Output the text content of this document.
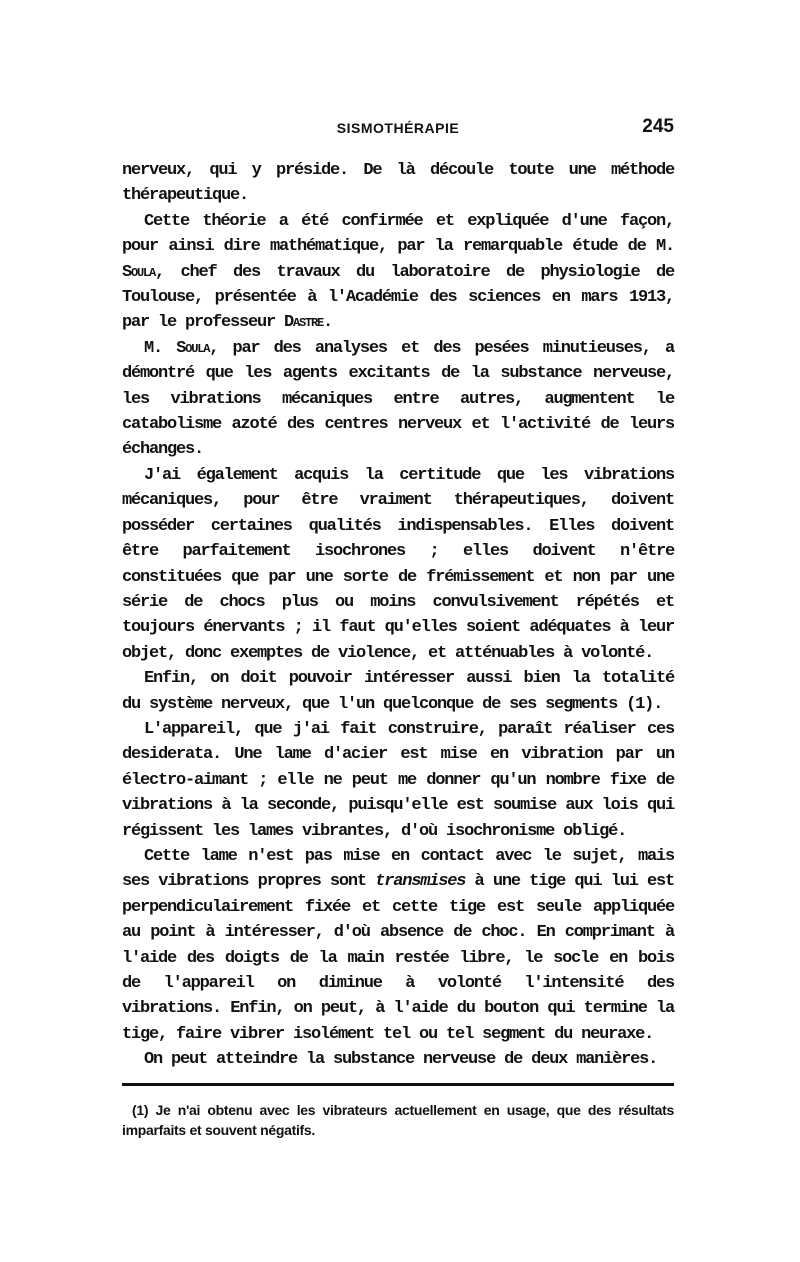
SISMOTHÉRAPIE	245

nerveux, qui y préside. De là découle toute une méthode thérapeutique.

Cette théorie a été confirmée et expliquée d'une façon, pour ainsi dire mathématique, par la remarquable étude de M. Soula, chef des travaux du laboratoire de physiologie de Toulouse, présentée à l'Académie des sciences en mars 1913, par le professeur Dastre.

M. Soula, par des analyses et des pesées minutieuses, a démontré que les agents excitants de la substance nerveuse, les vibrations mécaniques entre autres, augmentent le catabolisme azoté des centres nerveux et l'activité de leurs échanges.

J'ai également acquis la certitude que les vibrations mécaniques, pour être vraiment thérapeutiques, doivent posséder certaines qualités indispensables. Elles doivent être parfaitement isochrones ; elles doivent n'être constituées que par une sorte de frémissement et non par une série de chocs plus ou moins convulsivement répétés et toujours énervants ; il faut qu'elles soient adéquates à leur objet, donc exemptes de violence, et atténuables à volonté.

Enfin, on doit pouvoir intéresser aussi bien la totalité du système nerveux, que l'un quelconque de ses segments (1).

L'appareil, que j'ai fait construire, paraît réaliser ces desiderata. Une lame d'acier est mise en vibration par un électro-aimant ; elle ne peut me donner qu'un nombre fixe de vibrations à la seconde, puisqu'elle est soumise aux lois qui régissent les lames vibrantes, d'où isochronisme obligé.

Cette lame n'est pas mise en contact avec le sujet, mais ses vibrations propres sont transmises à une tige qui lui est perpendiculairement fixée et cette tige est seule appliquée au point à intéresser, d'où absence de choc. En comprimant à l'aide des doigts de la main restée libre, le socle en bois de l'appareil on diminue à volonté l'intensité des vibrations. Enfin, on peut, à l'aide du bouton qui termine la tige, faire vibrer isolément tel ou tel segment du neuraxe.

On peut atteindre la substance nerveuse de deux manières.

(1) Je n'ai obtenu avec les vibrateurs actuellement en usage, que des résultats imparfaits et souvent négatifs.
